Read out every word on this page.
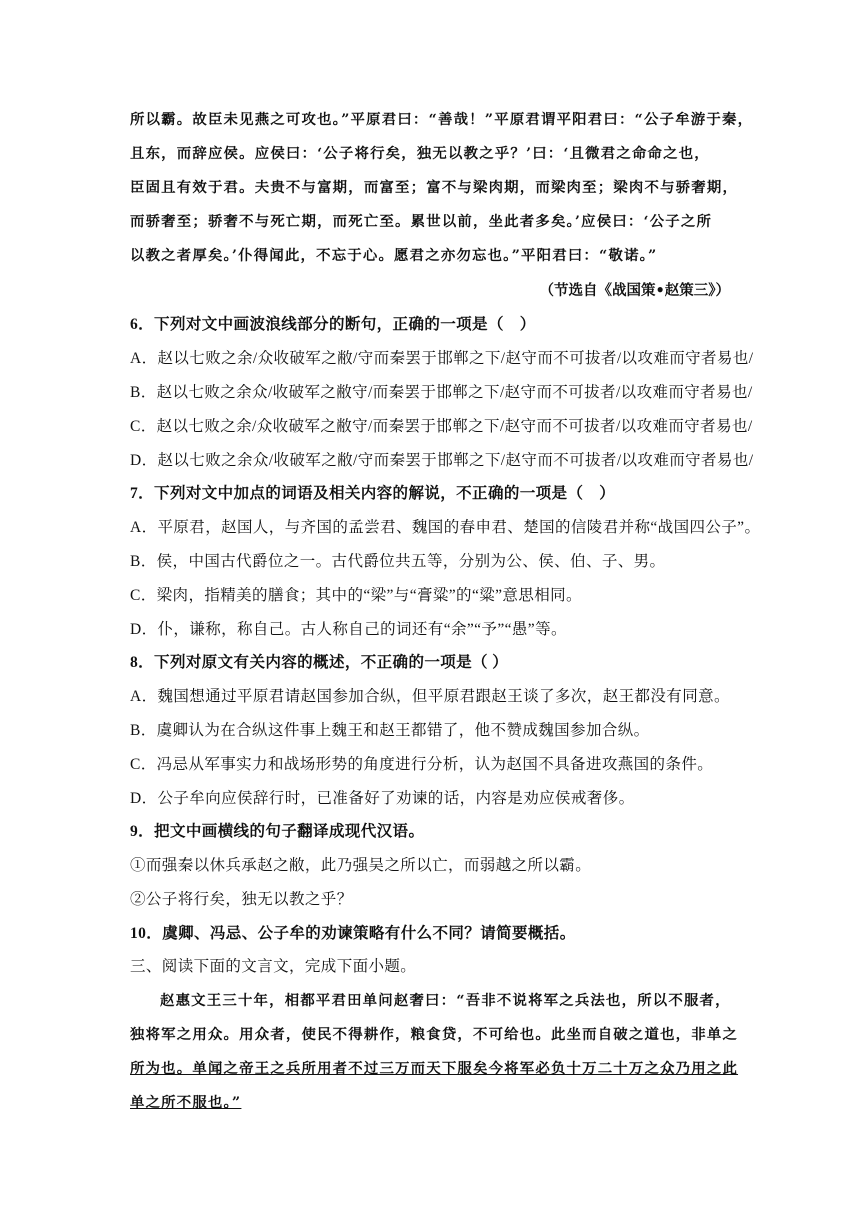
所以霸。故臣未见燕之可攻也。”平原君曰：“善哉！”平原君谓平阳君曰：“公子牟游于秦，
且东，而辞应侯。应侯曰：‘公子将行矣，独无以教之乎？’曰：‘且微君之命命之也，
臣固且有效于君。夫贵不与富期，而富至；富不与梁肉期，而梁肉至；梁肉不与骄奢期，
而骄奢至；骄奢不与死亡期，而死亡至。累世以前，坐此者多矣。’应侯曰：‘公子之所
以教之者厚矣。’仆得闻此，不忘于心。愿君之亦勿忘也。”平阳君曰：“敬诺。”
（节选自《战国策•赵策三》）
6．下列对文中画波浪线部分的断句，正确的一项是（　）
A．赵以七败之余/众收破军之敝/守而秦罢于邯郸之下/赵守而不可拔者/以攻难而守者易也/
B．赵以七败之余众/收破军之敝守/而秦罢于邯郸之下/赵守而不可拔者/以攻难而守者易也/
C．赵以七败之余/众收破军之敝守/而秦罢于邯郸之下/赵守而不可拔者/以攻难而守者易也/
D．赵以七败之余众/收破军之敝/守而秦罢于邯郸之下/赵守而不可拔者/以攻难而守者易也/
7．下列对文中加点的词语及相关内容的解说，不正确的一项是（　）
A．平原君，赵国人，与齐国的孟尝君、魏国的春申君、楚国的信陵君并称“战国四公子”。
B．侯，中国古代爵位之一。古代爵位共五等，分别为公、侯、伯、子、男。
C．梁肉，指精美的膳食；其中的“梁”与“膏粱”的“粱”意思相同。
D．仆，谦称，称自己。古人称自己的词还有“余”“予”“愚”等。
8．下列对原文有关内容的概述，不正确的一项是（ ）
A．魏国想通过平原君请赵国参加合纵，但平原君跟赵王谈了多次，赵王都没有同意。
B．虞卿认为在合纵这件事上魏王和赵王都错了，他不赞成魏国参加合纵。
C．冯忌从军事实力和战场形势的角度进行分析，认为赵国不具备进攻燕国的条件。
D．公子牟向应侯辞行时，已准备好了劝谏的话，内容是劝应侯戒奢侈。
9．把文中画横线的句子翻译成现代汉语。
①而强秦以休兵承赵之敝，此乃强吴之所以亡，而弱越之所以霸。
②公子将行矣，独无以教之乎？
10．虞卿、冯忌、公子牟的劝谏策略有什么不同？请简要概括。
三、阅读下面的文言文，完成下面小题。
赵惠文王三十年，相都平君田单问赵奢曰：“吾非不说将军之兵法也，所以不服者，
独将军之用众。用众者，使民不得耕作，粮食贷，不可给也。此坐而自破之道也，非单之
所为也。单闻之帝王之兵所用者不过三万而天下服矣今将军必负十万二十万之众乃用之此
单之所不服也。”
